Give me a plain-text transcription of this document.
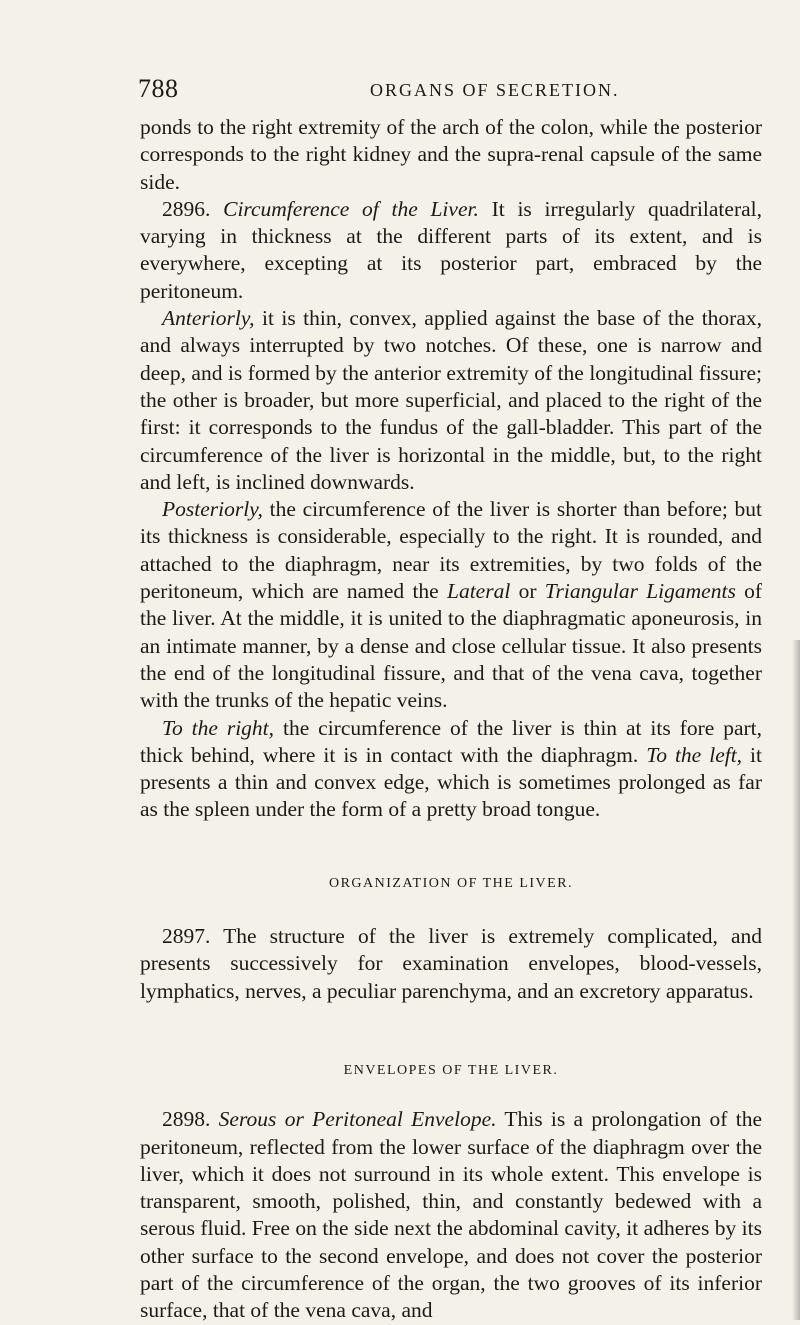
788	ORGANS OF SECRETION.

ponds to the right extremity of the arch of the colon, while the posterior corresponds to the right kidney and the supra-renal capsule of the same side.

2896. Circumference of the Liver. It is irregularly quadrilateral, varying in thickness at the different parts of its extent, and is everywhere, excepting at its posterior part, embraced by the peritoneum.

Anteriorly, it is thin, convex, applied against the base of the thorax, and always interrupted by two notches. Of these, one is narrow and deep, and is formed by the anterior extremity of the longitudinal fissure; the other is broader, but more superficial, and placed to the right of the first: it corresponds to the fundus of the gall-bladder. This part of the circumference of the liver is horizontal in the middle, but, to the right and left, is inclined downwards.

Posteriorly, the circumference of the liver is shorter than before; but its thickness is considerable, especially to the right. It is rounded, and attached to the diaphragm, near its extremities, by two folds of the peritoneum, which are named the Lateral or Triangular Ligaments of the liver. At the middle, it is united to the diaphragmatic aponeurosis, in an intimate manner, by a dense and close cellular tissue. It also presents the end of the longitudinal fissure, and that of the vena cava, together with the trunks of the hepatic veins.

To the right, the circumference of the liver is thin at its fore part, thick behind, where it is in contact with the diaphragm. To the left, it presents a thin and convex edge, which is sometimes prolonged as far as the spleen under the form of a pretty broad tongue.

ORGANIZATION OF THE LIVER.

2897. The structure of the liver is extremely complicated, and presents successively for examination envelopes, blood-vessels, lymphatics, nerves, a peculiar parenchyma, and an excretory apparatus.

ENVELOPES OF THE LIVER.

2898. Serous or Peritoneal Envelope. This is a prolongation of the peritoneum, reflected from the lower surface of the diaphragm over the liver, which it does not surround in its whole extent. This envelope is transparent, smooth, polished, thin, and constantly bedewed with a serous fluid. Free on the side next the abdominal cavity, it adheres by its other surface to the second envelope, and does not cover the posterior part of the circumference of the organ, the two grooves of its inferior surface, that of the vena cava, and
